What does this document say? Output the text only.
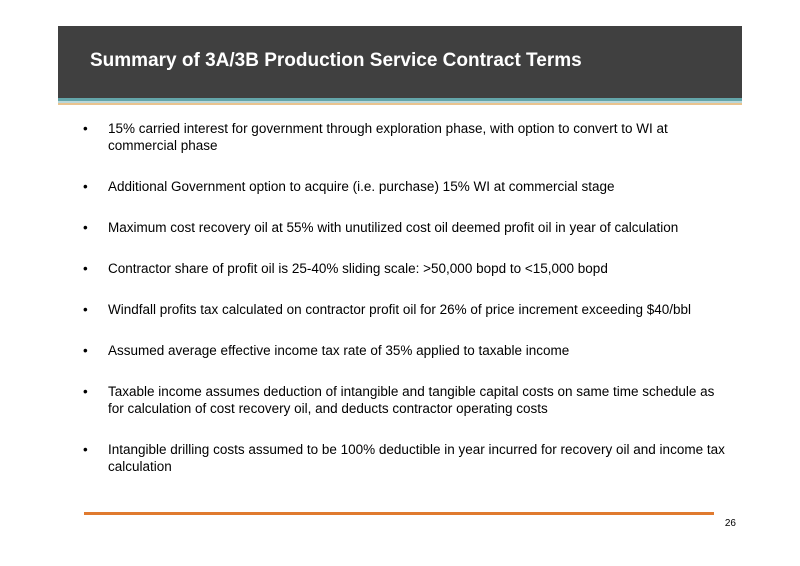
Summary of 3A/3B Production Service Contract Terms
• 15% carried interest for government through exploration phase, with option to convert to WI at commercial phase
• Additional Government option to acquire (i.e. purchase) 15% WI at commercial stage
• Maximum cost recovery oil at 55% with unutilized cost oil deemed profit oil in year of calculation
• Contractor share of profit oil is 25-40% sliding scale: >50,000 bopd to <15,000 bopd
• Windfall profits tax calculated on contractor profit oil for 26% of price increment exceeding $40/bbl
• Assumed average effective income tax rate of 35% applied to taxable income
• Taxable income assumes deduction of intangible and tangible capital costs on same time schedule as for calculation of cost recovery oil, and deducts contractor operating costs
• Intangible drilling costs assumed to be 100% deductible in year incurred for recovery oil and income tax calculation
26
